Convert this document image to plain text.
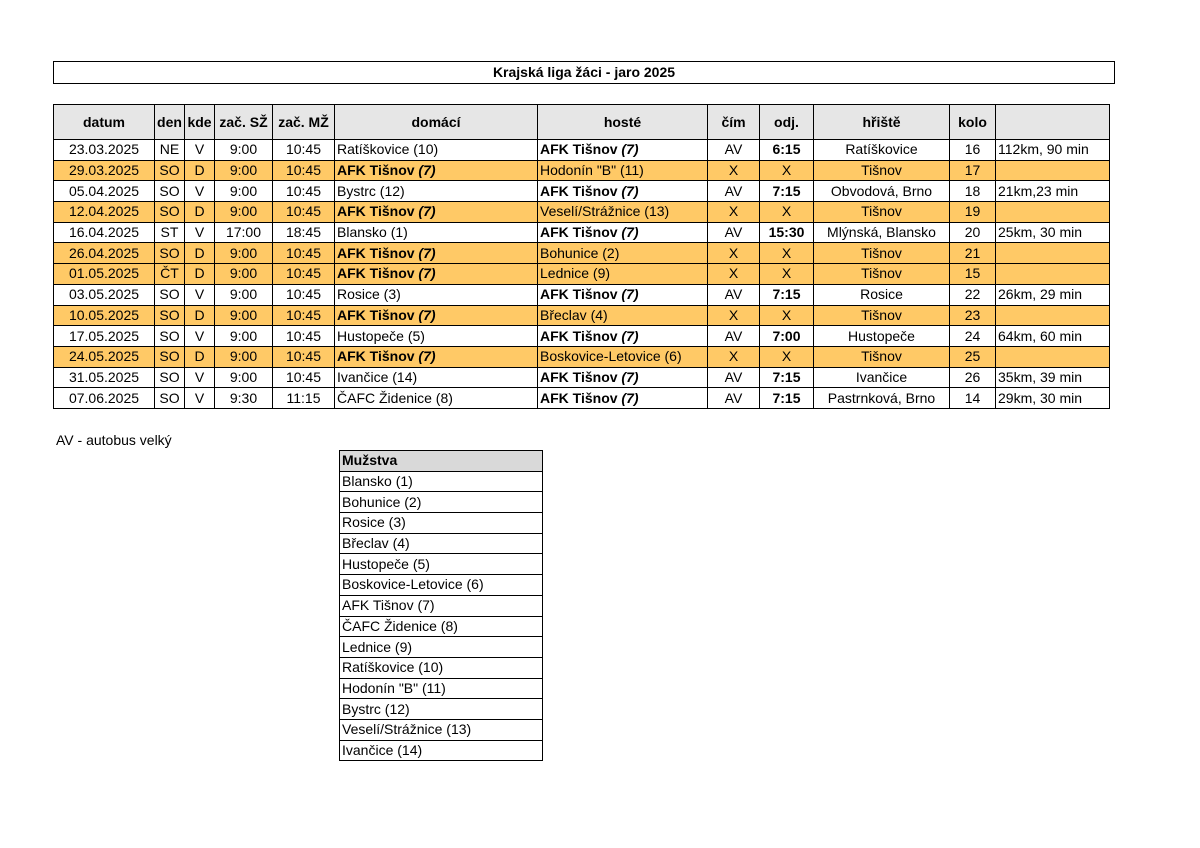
Krajská liga žáci - jaro 2025
datum	den	kde	zač. SŽ	zač. MŽ	domácí	hosté	čím	odj.	hřiště	kolo	
23.03.2025	NE	V	9:00	10:45	Ratíškovice (10)	AFK Tišnov (7)	AV	6:15	Ratíškovice	16	112km, 90 min
29.03.2025	SO	D	9:00	10:45	AFK Tišnov (7)	Hodonín "B" (11)	X	X	Tišnov	17	
05.04.2025	SO	V	9:00	10:45	Bystrc (12)	AFK Tišnov (7)	AV	7:15	Obvodová, Brno	18	21km,23 min
12.04.2025	SO	D	9:00	10:45	AFK Tišnov (7)	Veselí/Strážnice (13)	X	X	Tišnov	19	
16.04.2025	ST	V	17:00	18:45	Blansko (1)	AFK Tišnov (7)	AV	15:30	Mlýnská, Blansko	20	25km, 30 min
26.04.2025	SO	D	9:00	10:45	AFK Tišnov (7)	Bohunice (2)	X	X	Tišnov	21	
01.05.2025	ČT	D	9:00	10:45	AFK Tišnov (7)	Lednice (9)	X	X	Tišnov	15	
03.05.2025	SO	V	9:00	10:45	Rosice (3)	AFK Tišnov (7)	AV	7:15	Rosice	22	26km, 29 min
10.05.2025	SO	D	9:00	10:45	AFK Tišnov (7)	Břeclav (4)	X	X	Tišnov	23	
17.05.2025	SO	V	9:00	10:45	Hustopeče (5)	AFK Tišnov (7)	AV	7:00	Hustopeče	24	64km, 60 min
24.05.2025	SO	D	9:00	10:45	AFK Tišnov (7)	Boskovice-Letovice (6)	X	X	Tišnov	25	
31.05.2025	SO	V	9:00	10:45	Ivančice (14)	AFK Tišnov (7)	AV	7:15	Ivančice	26	35km, 39 min
07.06.2025	SO	V	9:30	11:15	ČAFC Židenice (8)	AFK Tišnov (7)	AV	7:15	Pastrnková, Brno	14	29km, 30 min
AV - autobus velký
Mužstva
Blansko (1)
Bohunice (2)
Rosice (3)
Břeclav (4)
Hustopeče (5)
Boskovice-Letovice (6)
AFK Tišnov (7)
ČAFC Židenice (8)
Lednice (9)
Ratíškovice (10)
Hodonín "B" (11)
Bystrc (12)
Veselí/Strážnice (13)
Ivančice (14)
